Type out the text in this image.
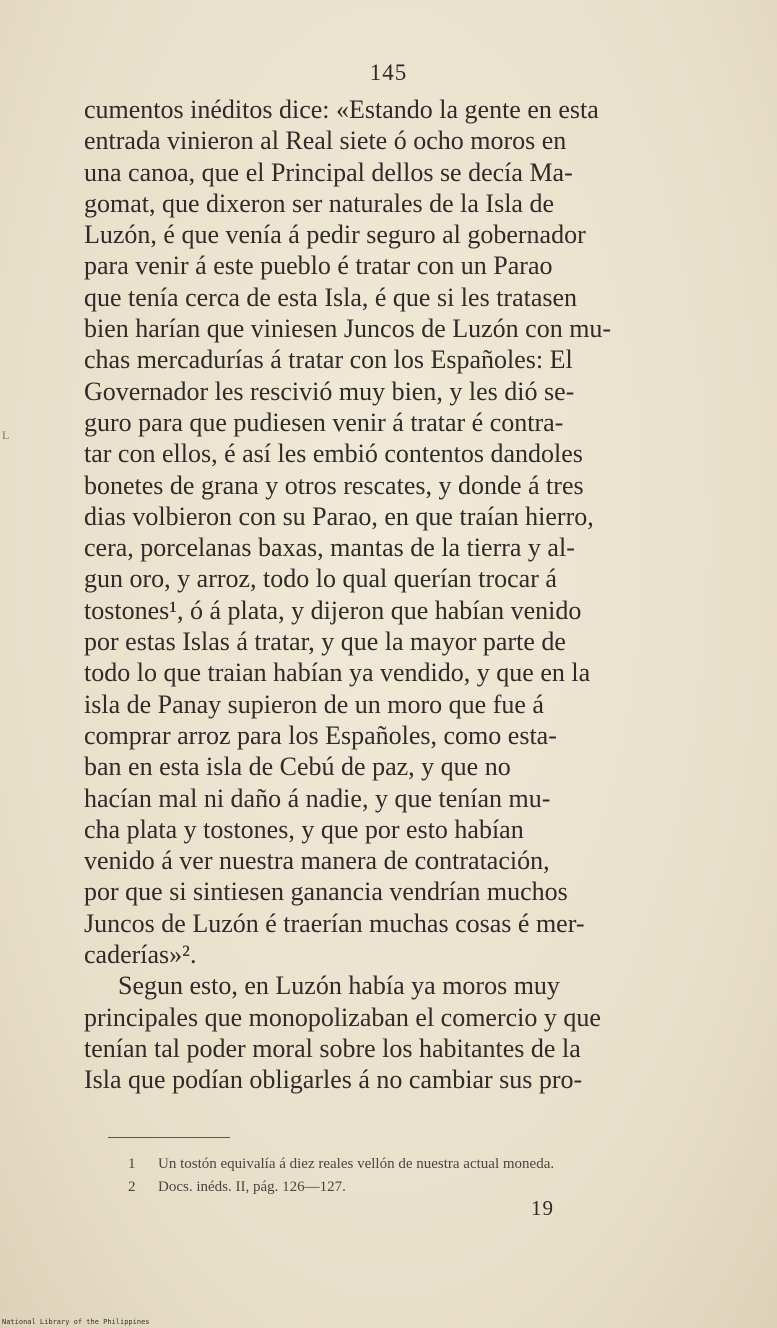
145
cumentos inéditos dice: «Estando la gente en esta
entrada vinieron al Real siete ó ocho moros en
una canoa, que el Principal dellos se decía Ma-
gomat, que dixeron ser naturales de la Isla de
Luzón, é que venía á pedir seguro al gobernador
para venir á este pueblo é tratar con un Parao
que tenía cerca de esta Isla, é que si les tratasen
bien harían que viniesen Juncos de Luzón con mu-
chas mercadurías á tratar con los Españoles: El
Governador les rescivió muy bien, y les dió se-
guro para que pudiesen venir á tratar é contra-
tar con ellos, é así les embió contentos dandoles
bonetes de grana y otros rescates, y donde á tres
dias volbieron con su Parao, en que traían hierro,
cera, porcelanas baxas, mantas de la tierra y al-
gun oro, y arroz, todo lo qual querían trocar á
tostones¹, ó á plata, y dijeron que habían venido
por estas Islas á tratar, y que la mayor parte de
todo lo que traian habían ya vendido, y que en la
isla de Panay supieron de un moro que fue á
comprar arroz para los Españoles, como esta-
ban en esta isla de Cebú de paz, y que no
hacían mal ni daño á nadie, y que tenían mu-
cha plata y tostones, y que por esto habían
venido á ver nuestra manera de contratación,
por que si sintiesen ganancia vendrían muchos
Juncos de Luzón é traerían muchas cosas é mer-
caderías»².
Segun esto, en Luzón había ya moros muy
principales que monopolizaban el comercio y que
tenían tal poder moral sobre los habitantes de la
Isla que podían obligarles á no cambiar sus pro-
1 Un tostón equivalía á diez reales vellón de nuestra actual moneda.
2 Docs. inéds. II, pág. 126—127.
19
L
National Library of the Philippines
